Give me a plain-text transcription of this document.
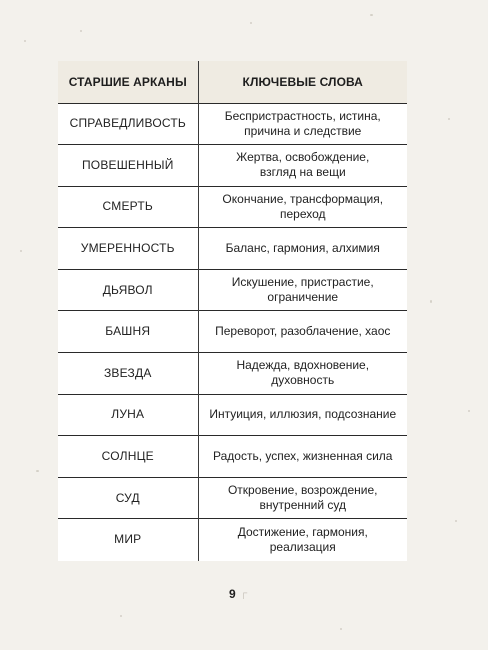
СТАРШИЕ АРКАНЫ	КЛЮЧЕВЫЕ СЛОВА
СПРАВЕДЛИВОСТЬ	Беспристрастность, истина,
причина и следствие

ПОВЕШЕННЫЙ	Жертва, освобождение,
взгляд на вещи

СМЕРТЬ	Окончание, трансформация,
переход

УМЕРЕННОСТЬ	Баланс, гармония, алхимия

ДЬЯВОЛ	Искушение, пристрастие,
ограничение

БАШНЯ	Переворот, разоблачение, хаос

ЗВЕЗДА	Надежда, вдохновение,
духовность

ЛУНА	Интуиция, иллюзия, подсознание

СОЛНЦЕ	Радость, успех, жизненная сила

СУД	Откровение, возрождение,
внутренний суд

МИР	Достижение, гармония,
реализация
9 ┌
